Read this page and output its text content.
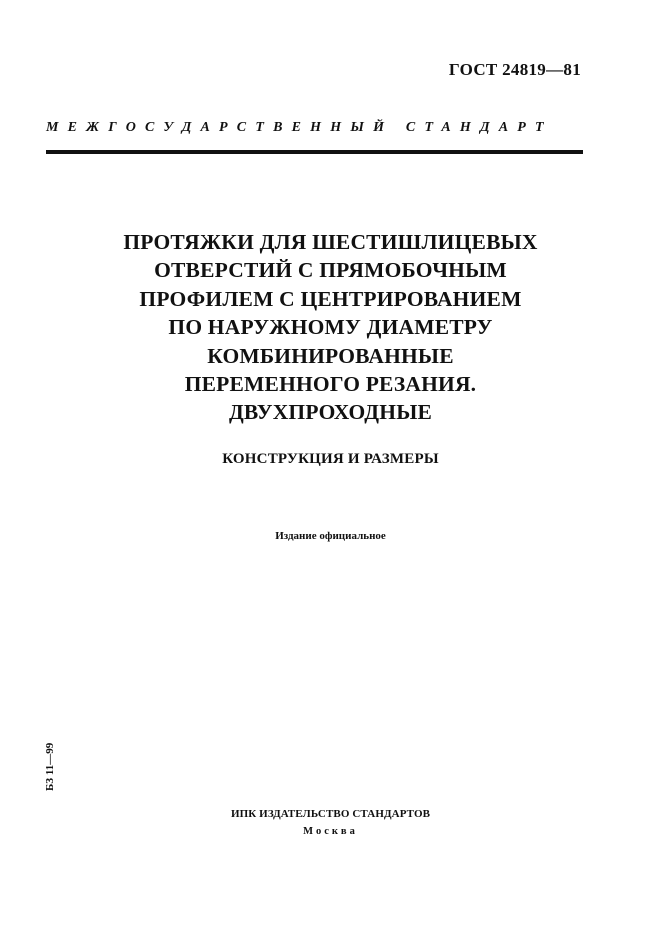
ГОСТ 24819—81
МЕЖГОСУДАРСТВЕННЫЙ СТАНДАРТ
ПРОТЯЖКИ ДЛЯ ШЕСТИШЛИЦЕВЫХ
ОТВЕРСТИЙ С ПРЯМОБОЧНЫМ
ПРОФИЛЕМ С ЦЕНТРИРОВАНИЕМ
ПО НАРУЖНОМУ ДИАМЕТРУ
КОМБИНИРОВАННЫЕ
ПЕРЕМЕННОГО РЕЗАНИЯ.
ДВУХПРОХОДНЫЕ
КОНСТРУКЦИЯ И РАЗМЕРЫ
Издание официальное
БЗ 11—99
ИПК ИЗДАТЕЛЬСТВО СТАНДАРТОВ
Москва
